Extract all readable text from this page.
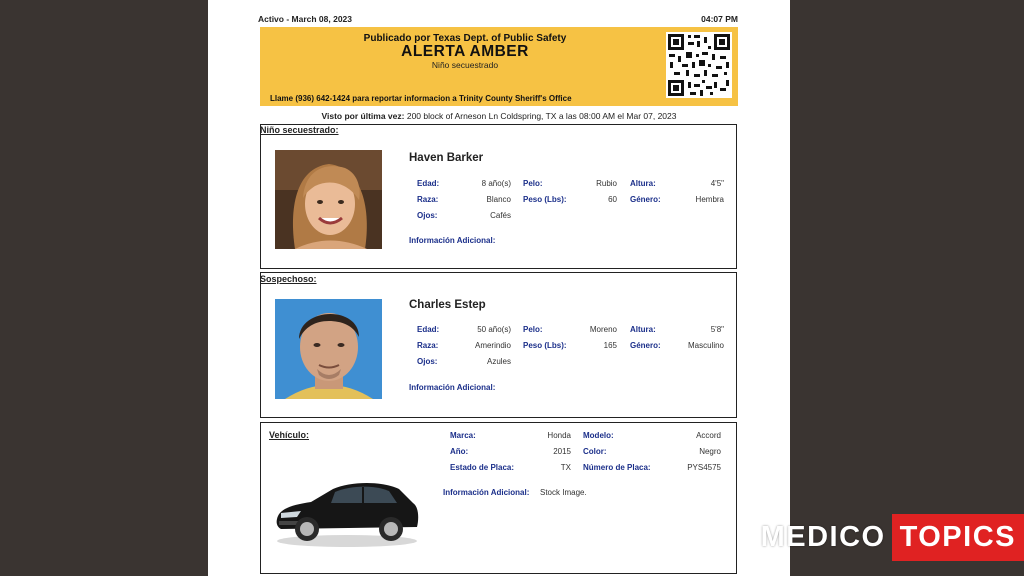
Activo - March 08, 2023	04:07 PM
Publicado por Texas Dept. of Public Safety
ALERTA AMBER
Niño secuestrado
Llame (936) 642-1424 para reportar informacion a Trinity County Sheriff's Office
Visto por última vez: 200 block of Arneson Ln Coldspring, TX a las 08:00 AM el Mar 07, 2023
Niño secuestrado:
Haven Barker
Edad:	8 año(s)
Raza:	Blanco
Ojos:	Cafés
Pelo:	Rubio
Peso (Lbs):	60
Altura:	4'5"
Género:	Hembra
Información Adicional:
Sospechoso:
Charles Estep
Edad:	50 año(s)
Raza:	Amerindio
Ojos:	Azules
Pelo:	Moreno
Peso (Lbs):	165
Altura:	5'8"
Género:	Masculino
Información Adicional:
Vehículo:	Marca:	Honda
Año:	2015
Estado de Placa:	TX
Modelo:	Accord
Color:	Negro
Número de Placa:	PYS4575
Información Adicional: Stock Image.
MEDICO TOPICS
